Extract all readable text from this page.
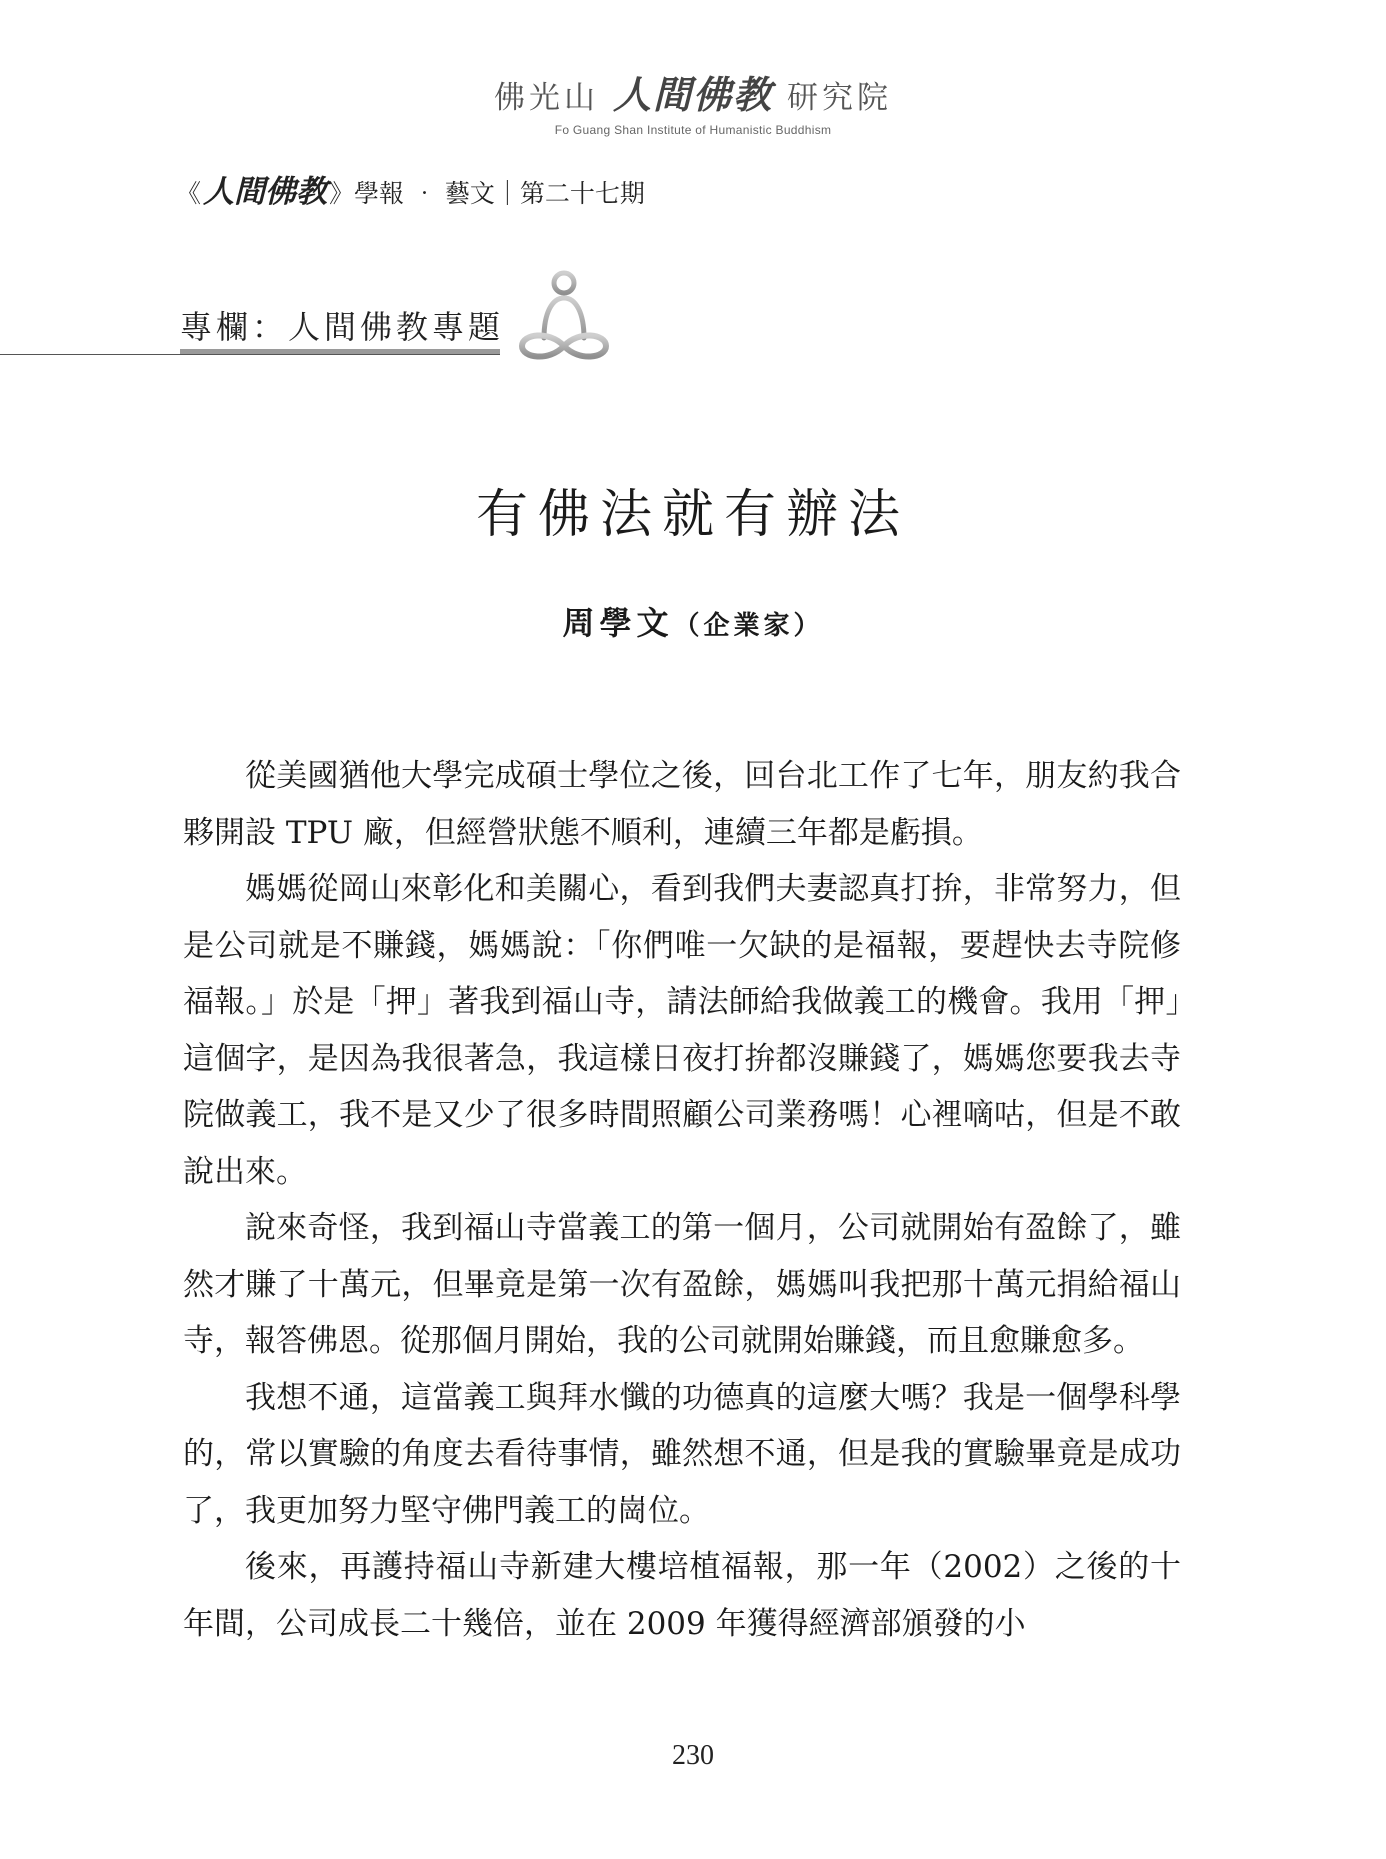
佛光山 人間佛教 研究院
Fo Guang Shan Institute of Humanistic Buddhism
《 人間佛教 》 學報 ‧ 藝文｜第二十七期
專欄：人間佛教專題
有佛法就有辦法
周學文（企業家）

從美國猶他大學完成碩士學位之後，回台北工作了七年，朋友約我合夥開設 TPU 廠，但經營狀態不順利，連續三年都是虧損。

媽媽從岡山來彰化和美關心，看到我們夫妻認真打拚，非常努力，但是公司就是不賺錢，媽媽說：「你們唯一欠缺的是福報，要趕快去寺院修福報。」於是「押」著我到福山寺，請法師給我做義工的機會。我用「押」這個字，是因為我很著急，我這樣日夜打拚都沒賺錢了，媽媽您要我去寺院做義工，我不是又少了很多時間照顧公司業務嗎！心裡嘀咕，但是不敢說出來。

說來奇怪，我到福山寺當義工的第一個月，公司就開始有盈餘了，雖然才賺了十萬元，但畢竟是第一次有盈餘，媽媽叫我把那十萬元捐給福山寺，報答佛恩。從那個月開始，我的公司就開始賺錢，而且愈賺愈多。

我想不通，這當義工與拜水懺的功德真的這麼大嗎？我是一個學科學的，常以實驗的角度去看待事情，雖然想不通，但是我的實驗畢竟是成功了，我更加努力堅守佛門義工的崗位。

後來，再護持福山寺新建大樓培植福報，那一年（2002）之後的十年間，公司成長二十幾倍，並在 2009 年獲得經濟部頒發的小

230
